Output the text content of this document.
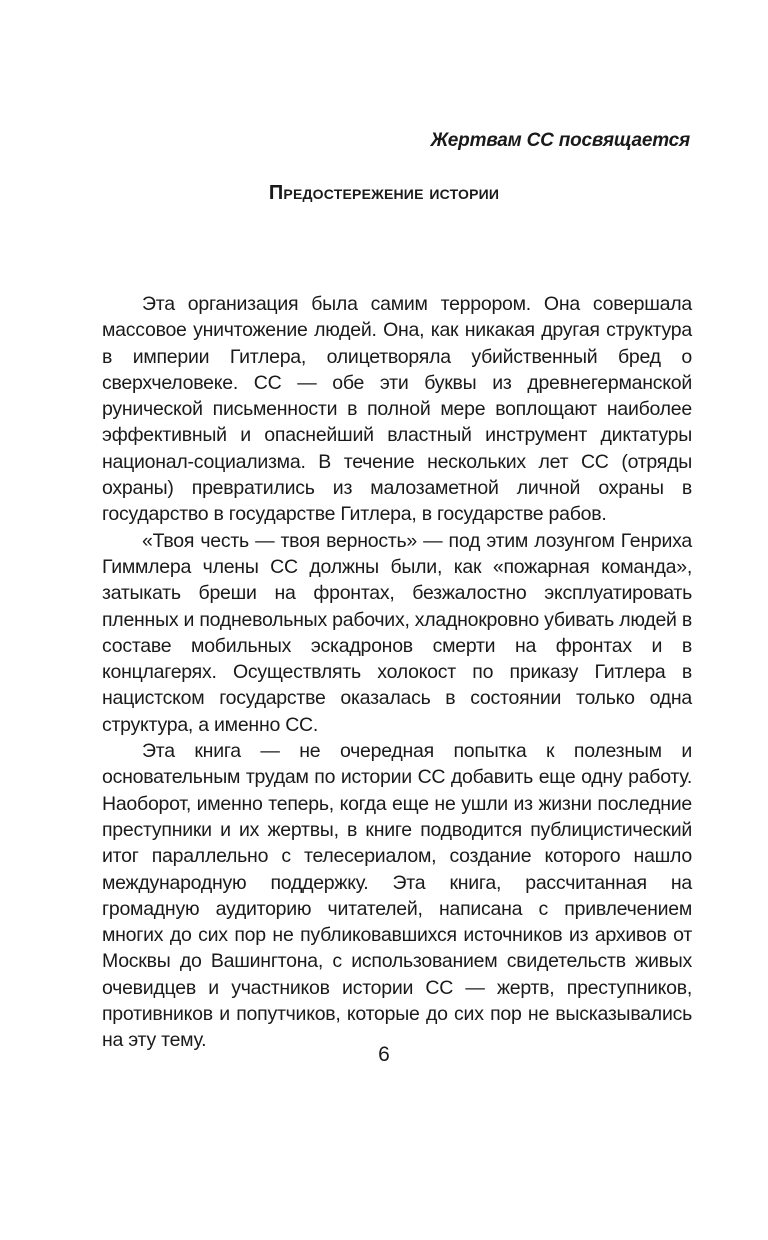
Жертвам СС посвящается
Предостережение истории

Эта организация была самим террором. Она совершала массовое уничтожение людей. Она, как никакая другая структура в империи Гитлера, олицетворяла убийственный бред о сверхчеловеке. СС — обе эти буквы из древнегерманской рунической письменности в полной мере воплощают наиболее эффективный и опаснейший властный инструмент диктатуры национал-социализма. В течение нескольких лет СС (отряды охраны) превратились из малозаметной личной охраны в государство в государстве Гитлера, в государстве рабов.

«Твоя честь — твоя верность» — под этим лозунгом Генриха Гиммлера члены СС должны были, как «пожарная команда», затыкать бреши на фронтах, безжалостно эксплуатировать пленных и подневольных рабочих, хладнокровно убивать людей в составе мобильных эскадронов смерти на фронтах и в концлагерях. Осуществлять холокост по приказу Гитлера в нацистском государстве оказалась в состоянии только одна структура, а именно СС.

Эта книга — не очередная попытка к полезным и основательным трудам по истории СС добавить еще одну работу. Наоборот, именно теперь, когда еще не ушли из жизни последние преступники и их жертвы, в книге подводится публицистический итог параллельно с телесериалом, создание которого нашло международную поддержку. Эта книга, рассчитанная на громадную аудиторию читателей, написана с привлечением многих до сих пор не публиковавшихся источников из архивов от Москвы до Вашингтона, с использованием свидетельств живых очевидцев и участников истории СС — жертв, преступников, противников и попутчиков, которые до сих пор не высказывались на эту тему.

6
